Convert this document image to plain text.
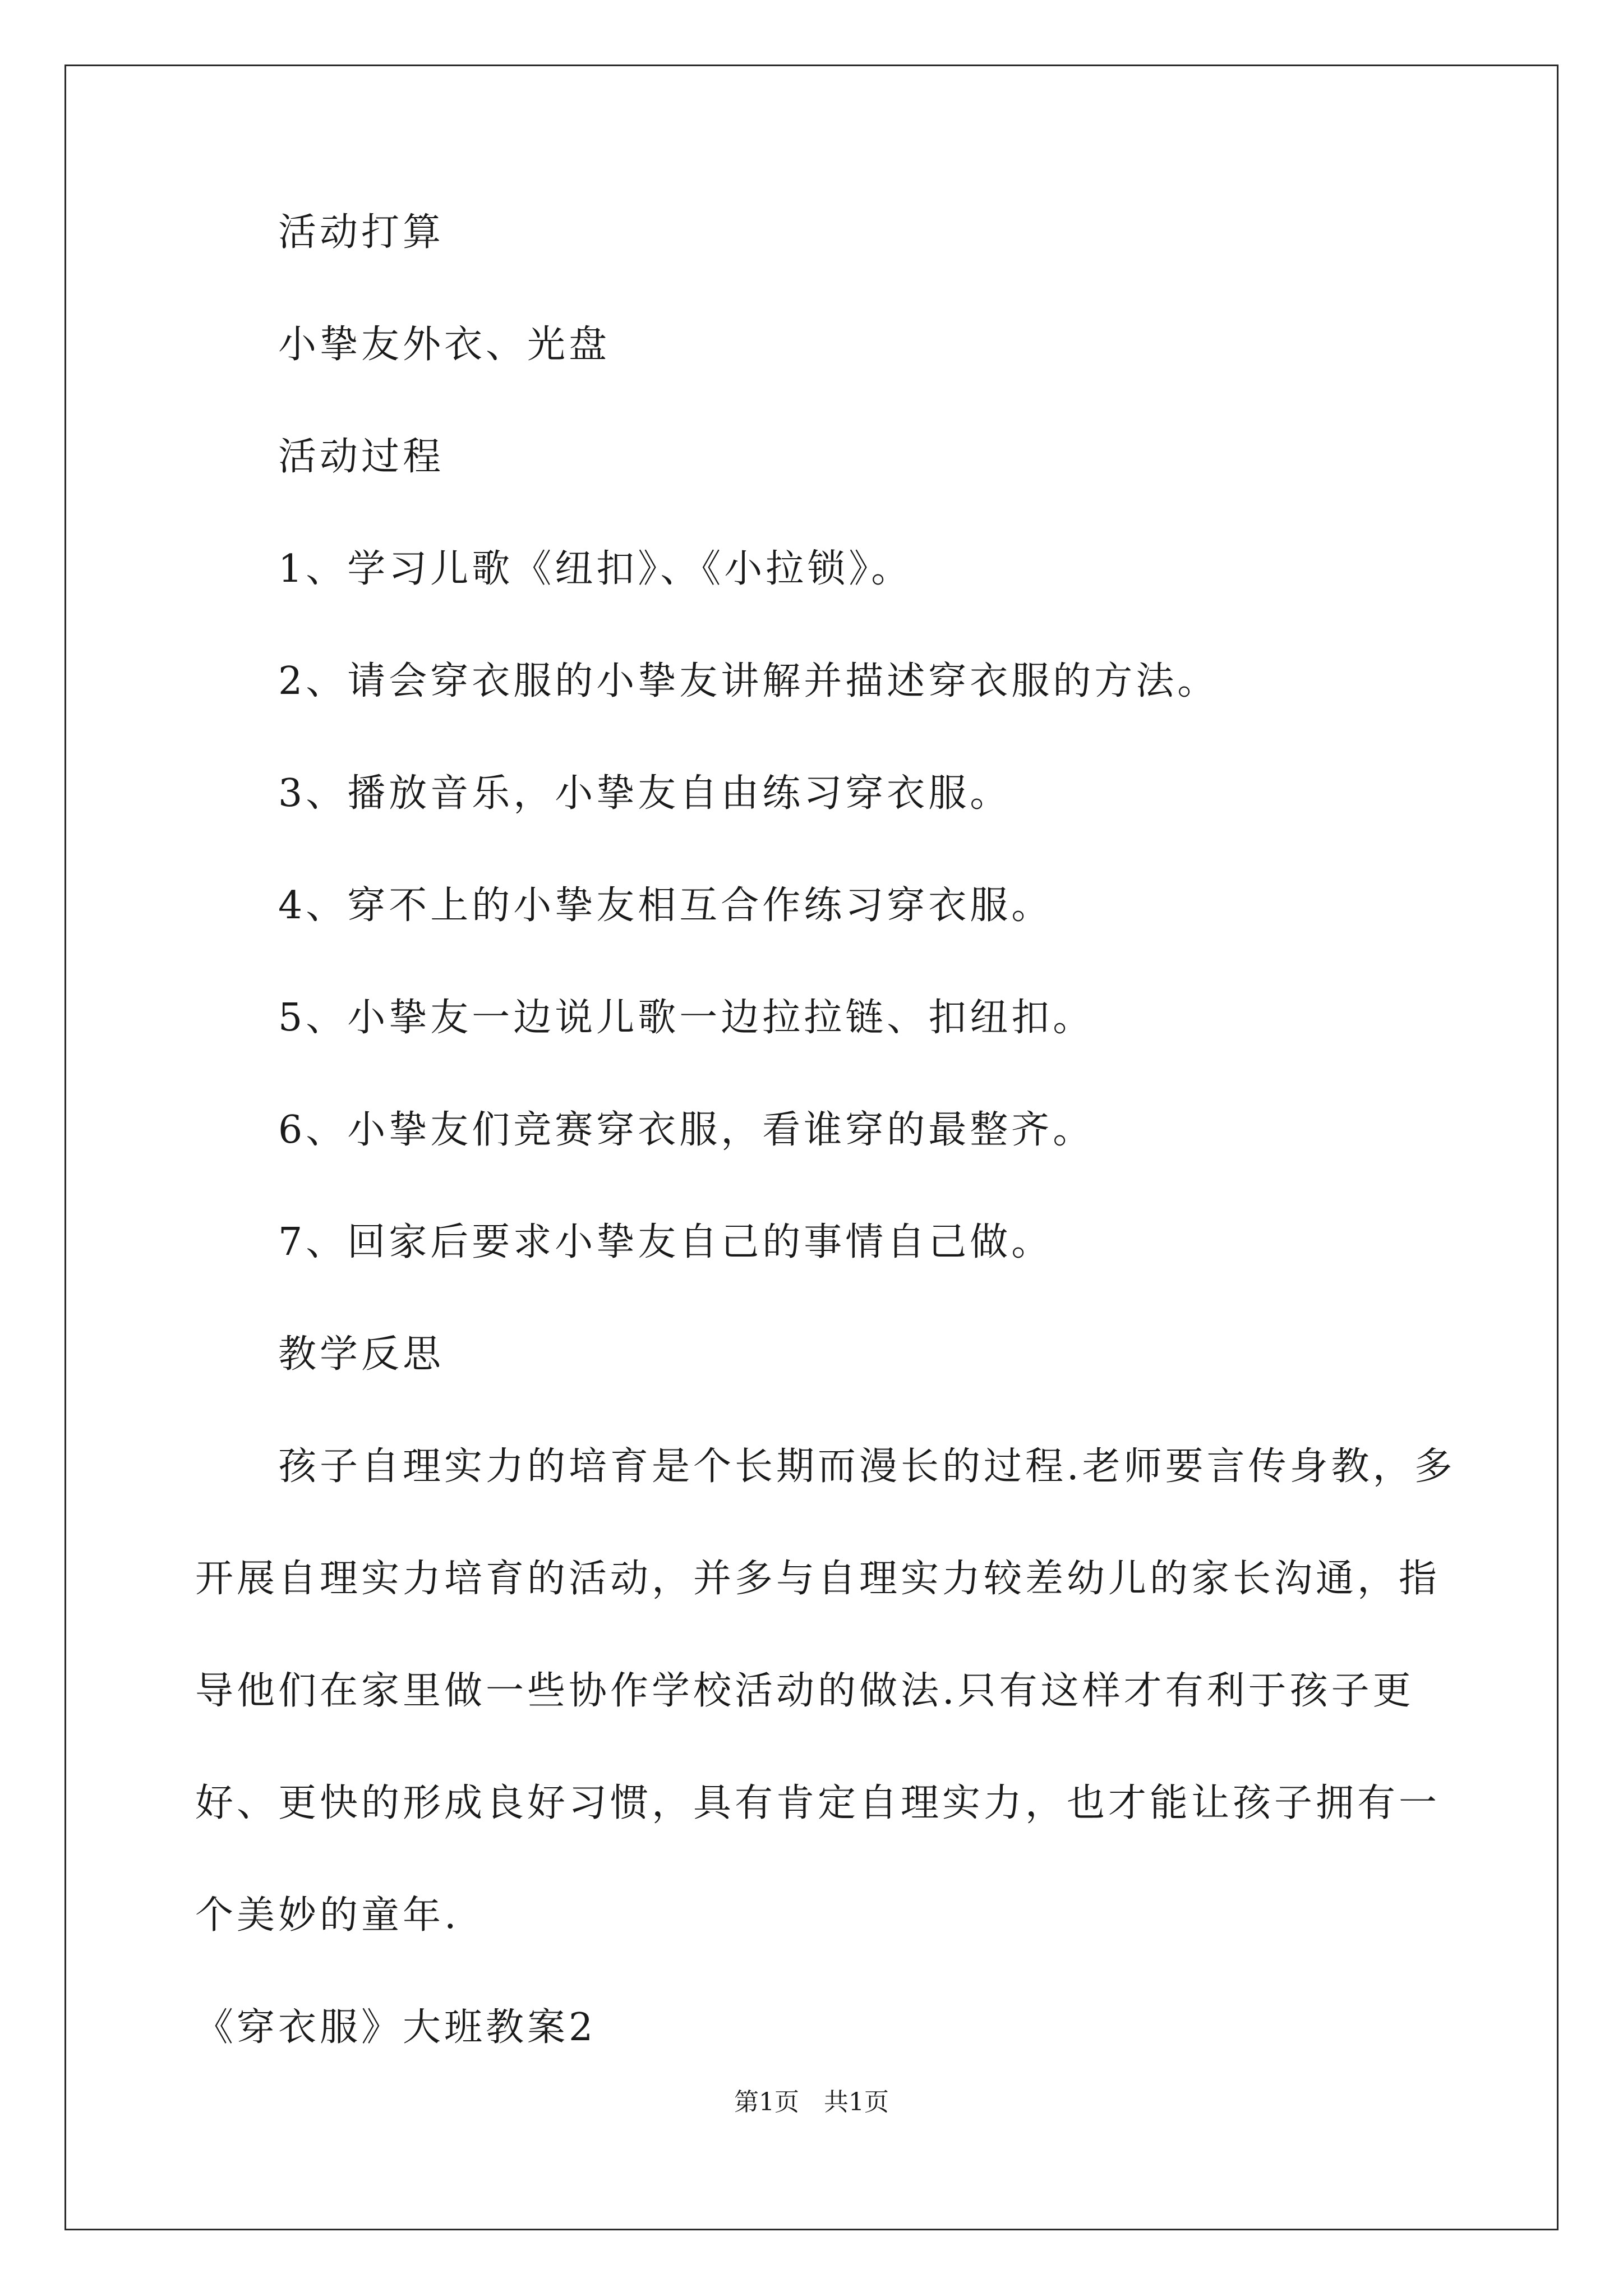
活动打算
小挚友外衣、光盘
活动过程
1、学习儿歌《纽扣》、《小拉锁》。
2、请会穿衣服的小挚友讲解并描述穿衣服的方法。
3、播放音乐，小挚友自由练习穿衣服。
4、穿不上的小挚友相互合作练习穿衣服。
5、小挚友一边说儿歌一边拉拉链、扣纽扣。
6、小挚友们竞赛穿衣服，看谁穿的最整齐。
7、回家后要求小挚友自己的事情自己做。
教学反思
孩子自理实力的培育是个长期而漫长的过程.老师要言传身教，多
开展自理实力培育的活动，并多与自理实力较差幼儿的家长沟通，指
导他们在家里做一些协作学校活动的做法.只有这样才有利于孩子更
好、更快的形成良好习惯，具有肯定自理实力，也才能让孩子拥有一
个美妙的童年.
《穿衣服》大班教案2
第1页　共1页
